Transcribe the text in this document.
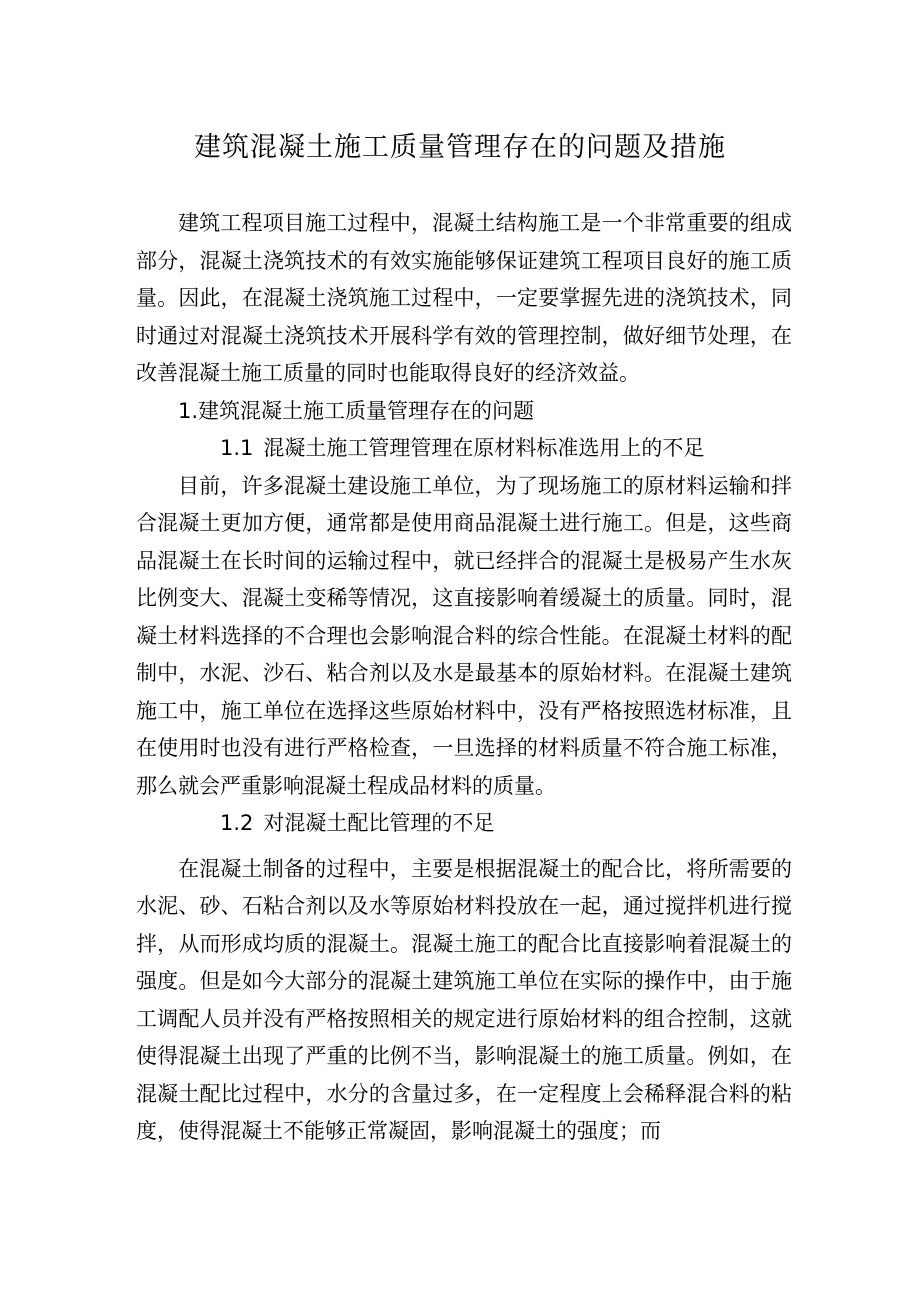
建筑混凝土施工质量管理存在的问题及措施

建筑工程项目施工过程中，混凝土结构施工是一个非常重要的组成部分，混凝土浇筑技术的有效实施能够保证建筑工程项目良好的施工质量。因此，在混凝土浇筑施工过程中，一定要掌握先进的浇筑技术，同时通过对混凝土浇筑技术开展科学有效的管理控制，做好细节处理，在改善混凝土施工质量的同时也能取得良好的经济效益。

1.建筑混凝土施工质量管理存在的问题

1.1 混凝土施工管理管理在原材料标准选用上的不足

目前，许多混凝土建设施工单位，为了现场施工的原材料运输和拌合混凝土更加方便，通常都是使用商品混凝土进行施工。但是，这些商品混凝土在长时间的运输过程中，就已经拌合的混凝土是极易产生水灰比例变大、混凝土变稀等情况，这直接影响着缓凝土的质量。同时，混凝土材料选择的不合理也会影响混合料的综合性能。在混凝土材料的配制中，水泥、沙石、粘合剂以及水是最基本的原始材料。在混凝土建筑施工中，施工单位在选择这些原始材料中，没有严格按照选材标准，且在使用时也没有进行严格检查，一旦选择的材料质量不符合施工标准，那么就会严重影响混凝土程成品材料的质量。

1.2 对混凝土配比管理的不足

在混凝土制备的过程中，主要是根据混凝土的配合比，将所需要的水泥、砂、石粘合剂以及水等原始材料投放在一起，通过搅拌机进行搅拌，从而形成均质的混凝土。混凝土施工的配合比直接影响着混凝土的强度。但是如今大部分的混凝土建筑施工单位在实际的操作中，由于施工调配人员并没有严格按照相关的规定进行原始材料的组合控制，这就使得混凝土出现了严重的比例不当，影响混凝土的施工质量。例如，在混凝土配比过程中，水分的含量过多，在一定程度上会稀释混合料的粘度，使得混凝土不能够正常凝固，影响混凝土的强度；而
